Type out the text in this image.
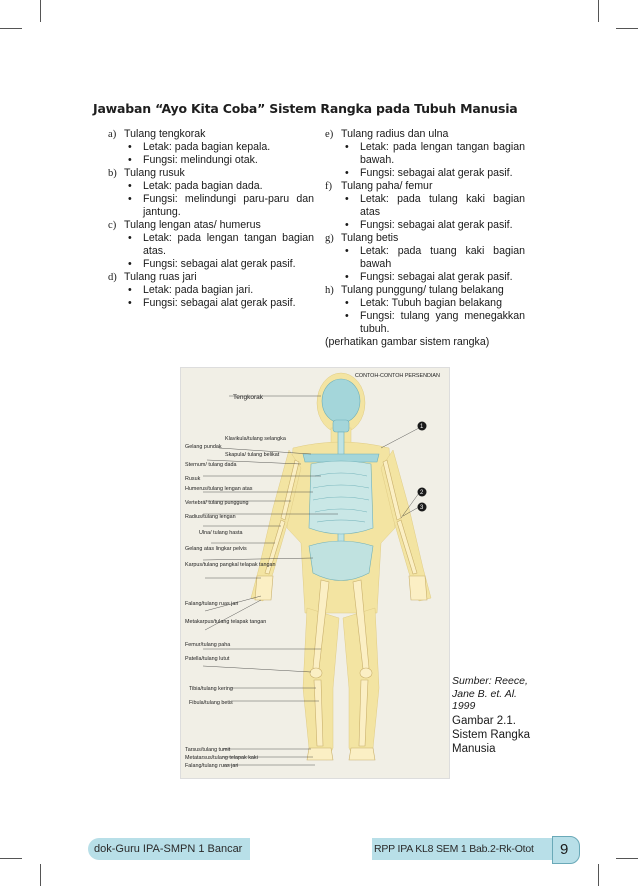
Jawaban “Ayo Kita Coba” Sistem Rangka pada Tubuh Manusia
a) Tulang tengkorak
•	Letak: pada bagian kepala.
•	Fungsi: melindungi otak.
b) Tulang rusuk
•	Letak: pada bagian dada.
•	Fungsi: melindungi paru-paru dan jantung.
c) Tulang lengan atas/ humerus
•	Letak: pada lengan tangan bagian atas.
•	Fungsi: sebagai alat gerak pasif.
d) Tulang ruas jari
•	Letak: pada bagian jari.
•	Fungsi: sebagai alat gerak pasif.
e) Tulang radius dan ulna
•	Letak: pada lengan tangan bagian bawah.
•	Fungsi: sebagai alat gerak pasif.
f) Tulang paha/ femur
•	Letak: pada tulang kaki bagian atas
•	Fungsi: sebagai alat gerak pasif.
g) Tulang betis
•	Letak: pada tuang kaki bagian bawah
•	Fungsi: sebagai alat gerak pasif.
h) Tulang punggung/ tulang belakang
•	Letak: Tubuh bagian belakang
•	Fungsi: tulang yang menegakkan tubuh.
(perhatikan gambar sistem rangka)
CONTOH-CONTOH PERSENDIAN
Tengkorak
Klavikula/tulang selangka
Gelang pundak
Skapula/ tulang belikat
Sternum/ tulang dada
Rusuk
Humerus/tulang lengan atas
Vertebra/ tulang punggung
Radius/tulang lengan
Ulna/ tulang hasta
Gelang atas lingkar pelvis
Karpus/tulang pangkal telapak tangan
Falang/tulang ruas jari
Metakarpus/tulang telapak tangan
Femur/tulang paha
Patella/tulang lutut
Tibia/tulang kering
Fibula/tulang betis
Tarsus/tulang tumit
Metatarsus/tulang telapak kaki
Falang/tulang ruas jari
1
2
3
Sumber: Reece, Jane B. et. Al. 1999
Gambar 2.1. Sistem Rangka Manusia
dok-Guru IPA-SMPN 1 Bancar	RPP IPA KL8 SEM 1 Bab.2-Rk-Otot 9
